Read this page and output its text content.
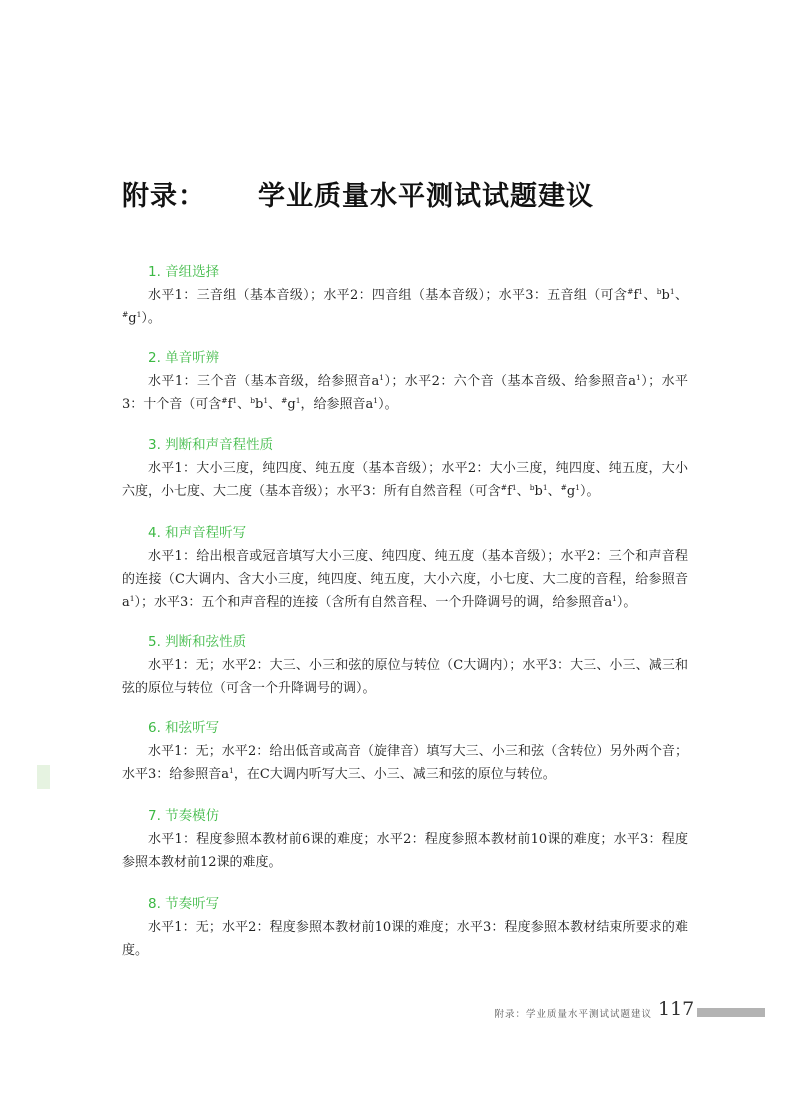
附录： 学业质量水平测试试题建议
1. 音组选择
水平1：三音组（基本音级）；水平2：四音组（基本音级）；水平3：五音组（可含$^{\#}f^1$、$^bb^1$、$^{\#}g^1$）。
2. 单音听辨
水平1：三个音（基本音级，给参照音$a^1$）；水平2：六个音（基本音级、给参照音$a^1$）；水平3：十个音（可含$^{\#}f^1$、$^bb^1$、$^{\#}g^1$，给参照音$a^1$）。
3. 判断和声音程性质
水平1：大小三度，纯四度、纯五度（基本音级）；水平2：大小三度，纯四度、纯五度，大小六度，小七度、大二度（基本音级）；水平3：所有自然音程（可含$^{\#}f^1$、$^bb^1$、$^{\#}g^1$）。
4. 和声音程听写
水平1：给出根音或冠音填写大小三度、纯四度、纯五度（基本音级）；水平2：三个和声音程的连接（C大调内、含大小三度，纯四度、纯五度，大小六度，小七度、大二度的音程，给参照音$a^1$）；水平3：五个和声音程的连接（含所有自然音程、一个升降调号的调，给参照音$a^1$）。
5. 判断和弦性质
水平1：无；水平2：大三、小三和弦的原位与转位（C大调内）；水平3：大三、小三、减三和弦的原位与转位（可含一个升降调号的调）。
6. 和弦听写
水平1：无；水平2：给出低音或高音（旋律音）填写大三、小三和弦（含转位）另外两个音；水平3：给参照音$a^1$，在C大调内听写大三、小三、减三和弦的原位与转位。
7. 节奏模仿
水平1：程度参照本教材前6课的难度；水平2：程度参照本教材前10课的难度；水平3：程度参照本教材前12课的难度。
8. 节奏听写
水平1：无；水平2：程度参照本教材前10课的难度；水平3：程度参照本教材结束所要求的难度。
附录：学业质量水平测试试题建议 117
